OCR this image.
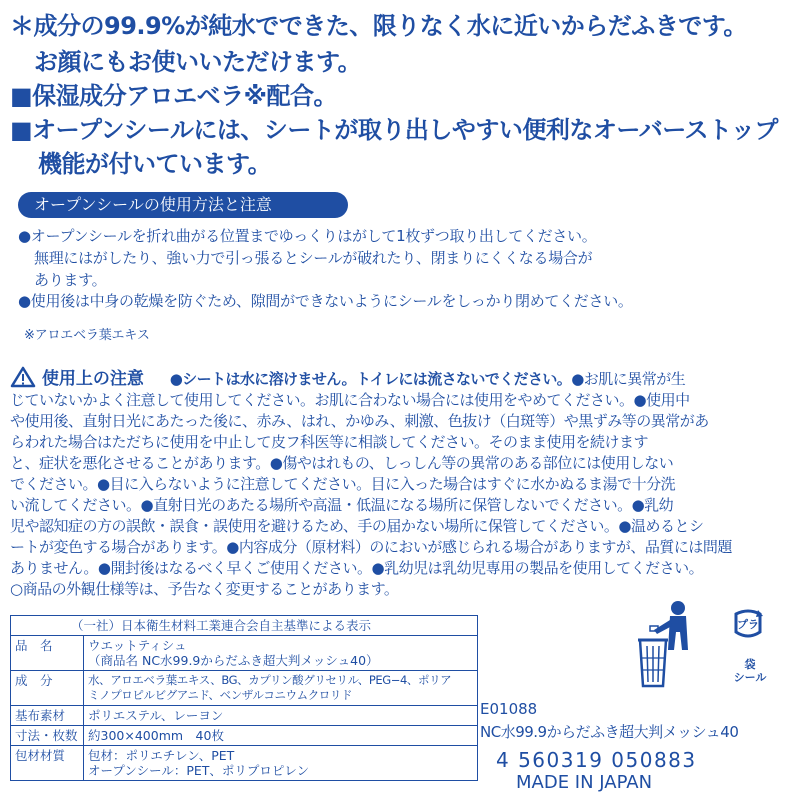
＊成分の99.9%が純水でできた、限りなく水に近いからだふきです。
お顔にもお使いいただけます。
■保湿成分アロエベラ※配合。
■オープンシールには、シートが取り出しやすい便利なオーバーストップ
機能が付いています。
オープンシールの使用方法と注意
●オープンシールを折れ曲がる位置までゆっくりはがして1枚ずつ取り出してください。
無理にはがしたり、強い力で引っ張るとシールが破れたり、閉まりにくくなる場合が
あります。
●使用後は中身の乾燥を防ぐため、隙間ができないようにシールをしっかり閉めてください。
※アロエベラ葉エキス
使用上の注意 ●シートは水に溶けません。トイレには流さないでください。●お肌に異常が生
じていないかよく注意して使用してください。お肌に合わない場合には使用をやめてください。●使用中
や使用後、直射日光にあたった後に、赤み、はれ、かゆみ、刺激、色抜け（白斑等）や黒ずみ等の異常があ
らわれた場合はただちに使用を中止して皮フ科医等に相談してください。そのまま使用を続けます
と、症状を悪化させることがあります。●傷やはれもの、しっしん等の異常のある部位には使用しない
でください。●目に入らないように注意してください。目に入った場合はすぐに水かぬるま湯で十分洗
い流してください。●直射日光のあたる場所や高温・低温になる場所に保管しないでください。●乳幼
児や認知症の方の誤飲・誤食・誤使用を避けるため、手の届かない場所に保管してください。●温めるとシ
ートが変色する場合があります。●内容成分（原材料）のにおいが感じられる場合がありますが、品質には問題
ありません。●開封後はなるべく早くご使用ください。●乳幼児は乳幼児専用の製品を使用してください。
○商品の外観仕様等は、予告なく変更することがあります。
（一社）日本衛生材料工業連合会自主基準による表示	
品　名	ウエットティシュ
（商品名 NC水99.9からだふき超大判メッシュ40）

成　分	水、アロエベラ葉エキス、BG、カプリン酸グリセリル、PEG−4、ポリア
ミノプロピルビグアニド、ベンザルコニウムクロリド

基布素材	ポリエステル、レーヨン
寸法・枚数	約300×400mm　40枚
包材材質	包材：ポリエチレン、PET
オープンシール：PET、ポリプロピレン
プラ
袋
シール
E01088
NC水99.9からだふき超大判メッシュ40
4 560319 050883
MADE IN JAPAN
